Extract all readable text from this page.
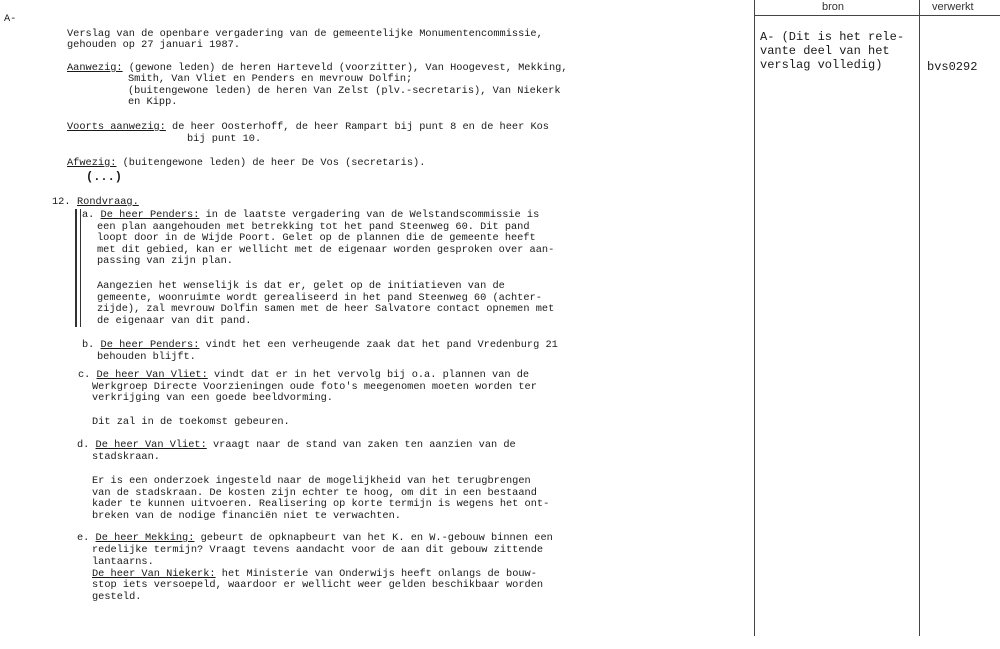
A-
bron	verwerkt
A- (Dit is het rele-
vante deel van het
verslag volledig)	bvs0292
Verslag van de openbare vergadering van de gemeentelijke Monumentencommissie,
gehouden op 27 januari 1987.
Aanwezig: (gewone leden) de heren Harteveld (voorzitter), Van Hoogevest, Mekking,
Smith, Van Vliet en Penders en mevrouw Dolfin;
(buitengewone leden) de heren Van Zelst (plv.-secretaris), Van Niekerk
en Kipp.
Voorts aanwezig: de heer Oosterhoff, de heer Rampart bij punt 8 en de heer Kos
bij punt 10.
Afwezig: (buitengewone leden) de heer De Vos (secretaris).
(...)
12. Rondvraag.
a. De heer Penders: in de laatste vergadering van de Welstandscommissie is
een plan aangehouden met betrekking tot het pand Steenweg 60. Dit pand
loopt door in de Wijde Poort. Gelet op de plannen die de gemeente heeft
met dit gebied, kan er wellicht met de eigenaar worden gesproken over aan-
passing van zijn plan.
Aangezien het wenselijk is dat er, gelet op de initiatieven van de
gemeente, woonruimte wordt gerealiseerd in het pand Steenweg 60 (achter-
zijde), zal mevrouw Dolfin samen met de heer Salvatore contact opnemen met
de eigenaar van dit pand.
b. De heer Penders: vindt het een verheugende zaak dat het pand Vredenburg 21
behouden blijft.
c. De heer Van Vliet: vindt dat er in het vervolg bij o.a. plannen van de
Werkgroep Directe Voorzieningen oude foto's meegenomen moeten worden ter
verkrijging van een goede beeldvorming.
Dit zal in de toekomst gebeuren.
d. De heer Van Vliet: vraagt naar de stand van zaken ten aanzien van de
stadskraan.
Er is een onderzoek ingesteld naar de mogelijkheid van het terugbrengen
van de stadskraan. De kosten zijn echter te hoog, om dit in een bestaand
kader te kunnen uitvoeren. Realisering op korte termijn is wegens het ont-
breken van de nodige financiën niet te verwachten.
e. De heer Mekking: gebeurt de opknapbeurt van het K. en W.-gebouw binnen een
redelijke termijn? Vraagt tevens aandacht voor de aan dit gebouw zittende
lantaarns.
De heer Van Niekerk: het Ministerie van Onderwijs heeft onlangs de bouw-
stop iets versoepeld, waardoor er wellicht weer gelden beschikbaar worden
gesteld.
